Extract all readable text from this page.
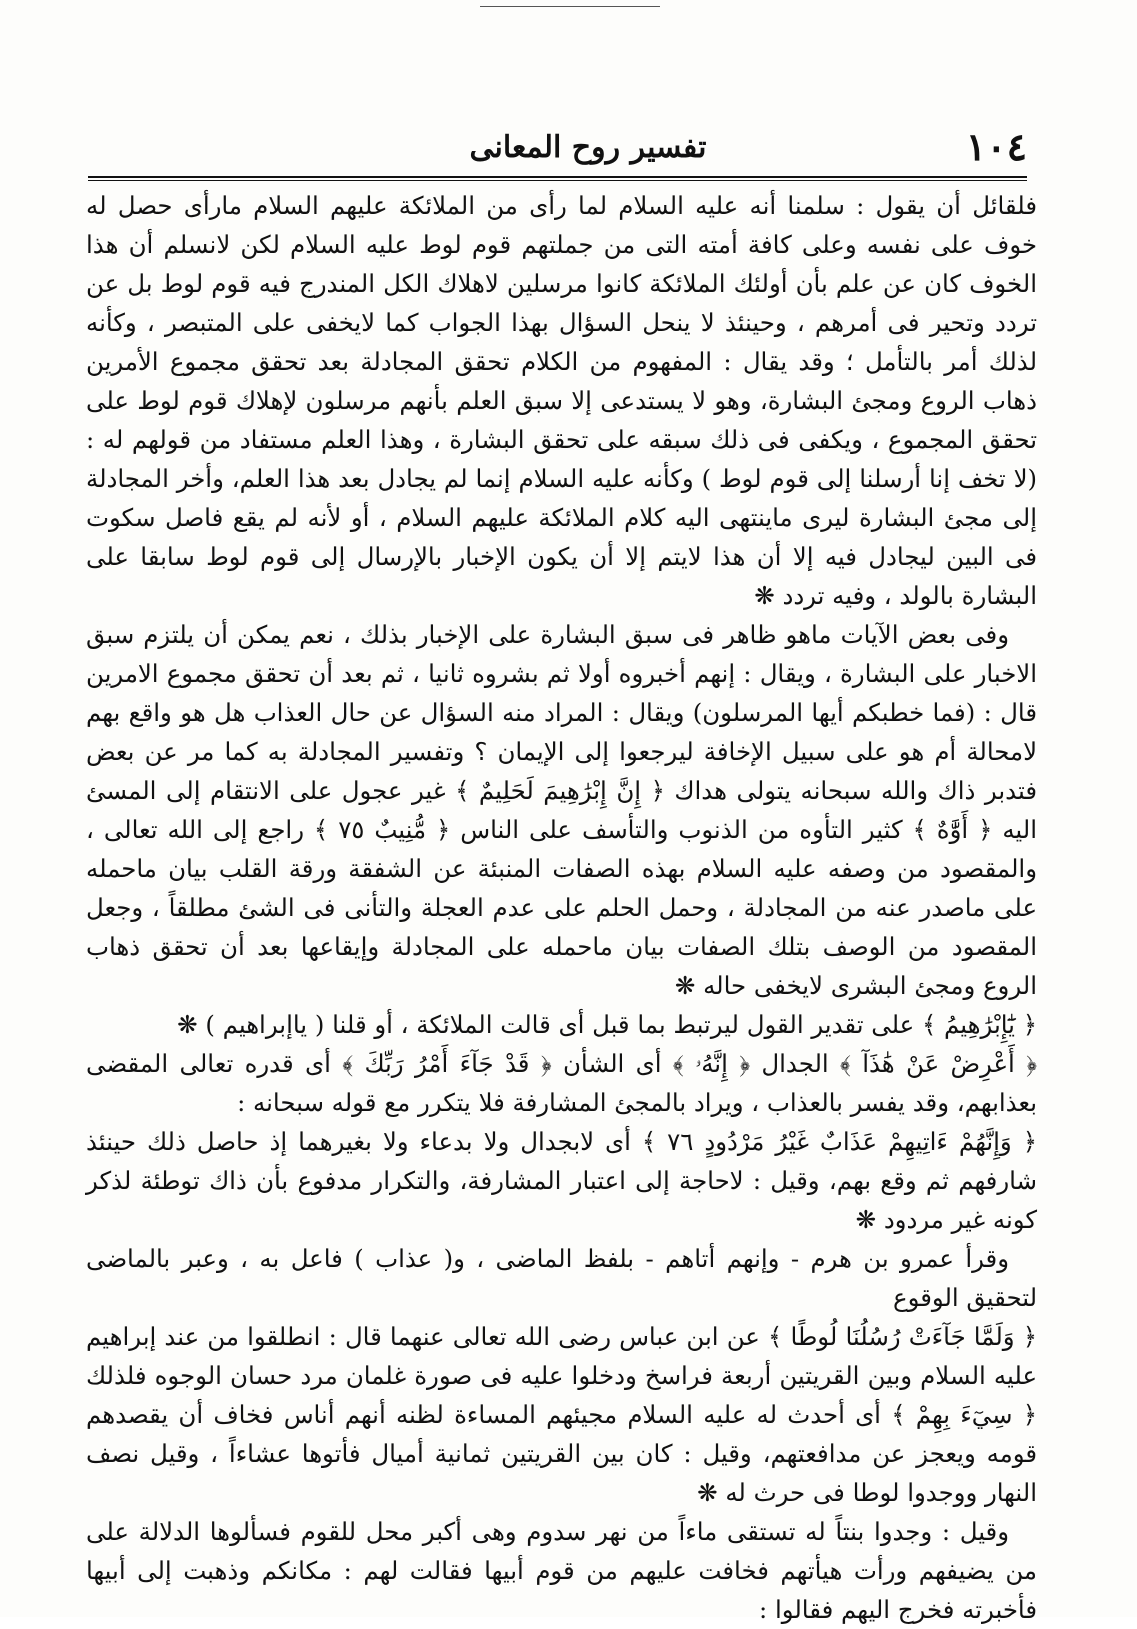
١٠٤
تفسير روح المعانى

فلقائل أن يقول : سلمنا أنه عليه السلام لما رأى من الملائكة عليهم السلام مارأى حصل له خوف على نفسه وعلى كافة أمته التى من جملتهم قوم لوط عليه السلام لكن لانسلم أن هذا الخوف كان عن علم بأن أولئك الملائكة كانوا مرسلين لاهلاك الكل المندرج فيه قوم لوط بل عن تردد وتحير فى أمرهم ، وحينئذ لا ينحل السؤال بهذا الجواب كما لايخفى على المتبصر ، وكأنه لذلك أمر بالتأمل ؛ وقد يقال : المفهوم من الكلام تحقق المجادلة بعد تحقق مجموع الأمرين ذهاب الروع ومجئ البشارة، وهو لا يستدعى إلا سبق العلم بأنهم مرسلون لإهلاك قوم لوط على تحقق المجموع ، ويكفى فى ذلك سبقه على تحقق البشارة ، وهذا العلم مستفاد من قولهم له : (لا تخف إنا أرسلنا إلى قوم لوط ) وكأنه عليه السلام إنما لم يجادل بعد هذا العلم، وأخر المجادلة إلى مجئ البشارة ليرى ماينتهى اليه كلام الملائكة عليهم السلام ، أو لأنه لم يقع فاصل سكوت فى البين ليجادل فيه إلا أن هذا لايتم إلا أن يكون الإخبار بالإرسال إلى قوم لوط سابقا على البشارة بالولد ، وفيه تردد ❋

وفى بعض الآيات ماهو ظاهر فى سبق البشارة على الإخبار بذلك ، نعم يمكن أن يلتزم سبق الاخبار على البشارة ، ويقال : إنهم أخبروه أولا ثم بشروه ثانيا ، ثم بعد أن تحقق مجموع الامرين قال : (فما خطبكم أيها المرسلون) ويقال : المراد منه السؤال عن حال العذاب هل هو واقع بهم لامحالة أم هو على سبيل الإخافة ليرجعوا إلى الإيمان ؟ وتفسير المجادلة به كما مر عن بعض فتدبر ذاك والله سبحانه يتولى هداك ﴿ إِنَّ إِبْرَٰهِيمَ لَحَلِيمٌ ﴾ غير عجول على الانتقام إلى المسئ اليه ﴿ أَوَّٰهٌ ﴾ كثير التأوه من الذنوب والتأسف على الناس ﴿ مُّنِيبٌ ٧٥ ﴾ راجع إلى الله تعالى ، والمقصود من وصفه عليه السلام بهذه الصفات المنبئة عن الشفقة ورقة القلب بيان ماحمله على ماصدر عنه من المجادلة ، وحمل الحلم على عدم العجلة والتأنى فى الشئ مطلقاً ، وجعل المقصود من الوصف بتلك الصفات بيان ماحمله على المجادلة وإيقاعها بعد أن تحقق ذهاب الروع ومجئ البشرى لايخفى حاله ❋

﴿ يَٰٓإِبْرَٰهِيمُ ﴾ على تقدير القول ليرتبط بما قبل أى قالت الملائكة ، أو قلنا ( ياإبراهيم ) ❋

﴿ أَعْرِضْ عَنْ هَٰذَآ ﴾ الجدال ﴿ إِنَّهُۥ ﴾ أى الشأن ﴿ قَدْ جَآءَ أَمْرُ رَبِّكَ ﴾ أى قدره تعالى المقضى بعذابهم، وقد يفسر بالعذاب ، ويراد بالمجئ المشارفة فلا يتكرر مع قوله سبحانه :

﴿ وَإِنَّهُمْ ءَاتِيهِمْ عَذَابٌ غَيْرُ مَرْدُودٍ ٧٦ ﴾ أى لابجدال ولا بدعاء ولا بغيرهما إذ حاصل ذلك حينئذ شارفهم ثم وقع بهم، وقيل : لاحاجة إلى اعتبار المشارفة، والتكرار مدفوع بأن ذاك توطئة لذكر كونه غير مردود ❋

وقرأ عمرو بن هرم - وإنهم أتاهم - بلفظ الماضى ، و( عذاب ) فاعل به ، وعبر بالماضى لتحقيق الوقوع

﴿ وَلَمَّا جَآءَتْ رُسُلُنَا لُوطًا ﴾ عن ابن عباس رضى الله تعالى عنهما قال : انطلقوا من عند إبراهيم عليه السلام وبين القريتين أربعة فراسخ ودخلوا عليه فى صورة غلمان مرد حسان الوجوه فلذلك ﴿ سِيٓءَ بِهِمْ ﴾ أى أحدث له عليه السلام مجيئهم المساءة لظنه أنهم أناس فخاف أن يقصدهم قومه ويعجز عن مدافعتهم، وقيل : كان بين القريتين ثمانية أميال فأتوها عشاءاً ، وقيل نصف النهار ووجدوا لوطا فى حرث له ❋

وقيل : وجدوا بنتاً له تستقى ماءاً من نهر سدوم وهى أكبر محل للقوم فسألوها الدلالة على من يضيفهم ورأت هيأتهم فخافت عليهم من قوم أبيها فقالت لهم : مكانكم وذهبت إلى أبيها فأخبرته فخرج اليهم فقالوا :
